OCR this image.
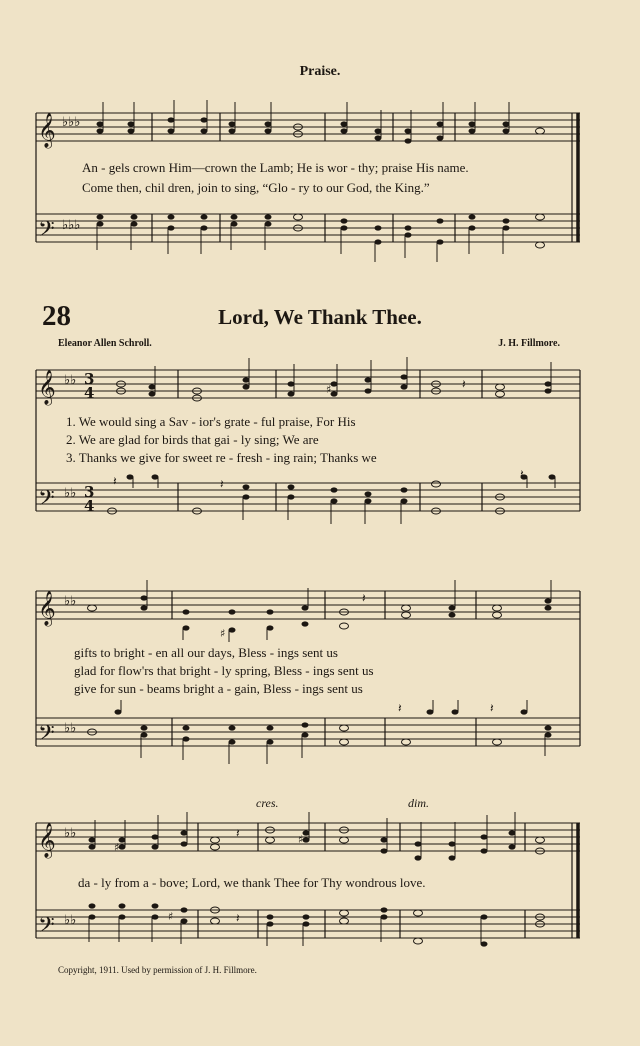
Praise.
𝄞
𝄢
𝄞
𝄢
𝄞
𝄢
𝄞
𝄢
♭♭♭
♭♭♭
♭♭
♭♭
♭♭
♭♭
♭♭
♭♭
3
4
3
4
𝄽
𝄽
𝄽
𝄽	𝄽
𝄽
𝄽
𝄽	𝄽
♯
♯
♯
♯
♯
An - gels crown Him—crown the Lamb; He is wor - thy; praise His name.
Come then, chil dren, join to sing, “Glo - ry to our God, the King.”
28	Lord, We Thank Thee.
Eleanor Allen Schroll.	J. H. Fillmore.
1. We would sing a Sav - ior's grate - ful praise, For His
2. We are glad for birds that gai - ly sing; We are
3. Thanks we give for sweet re - fresh - ing rain; Thanks we
gifts to bright - en all our days, Bless - ings sent us
glad for flow'rs that bright - ly spring, Bless - ings sent us
give for sun - beams bright a - gain, Bless - ings sent us
cres.	dim.
da - ly from a - bove; Lord, we thank Thee for Thy wondrous love.
Copyright, 1911. Used by permission of J. H. Fillmore.
